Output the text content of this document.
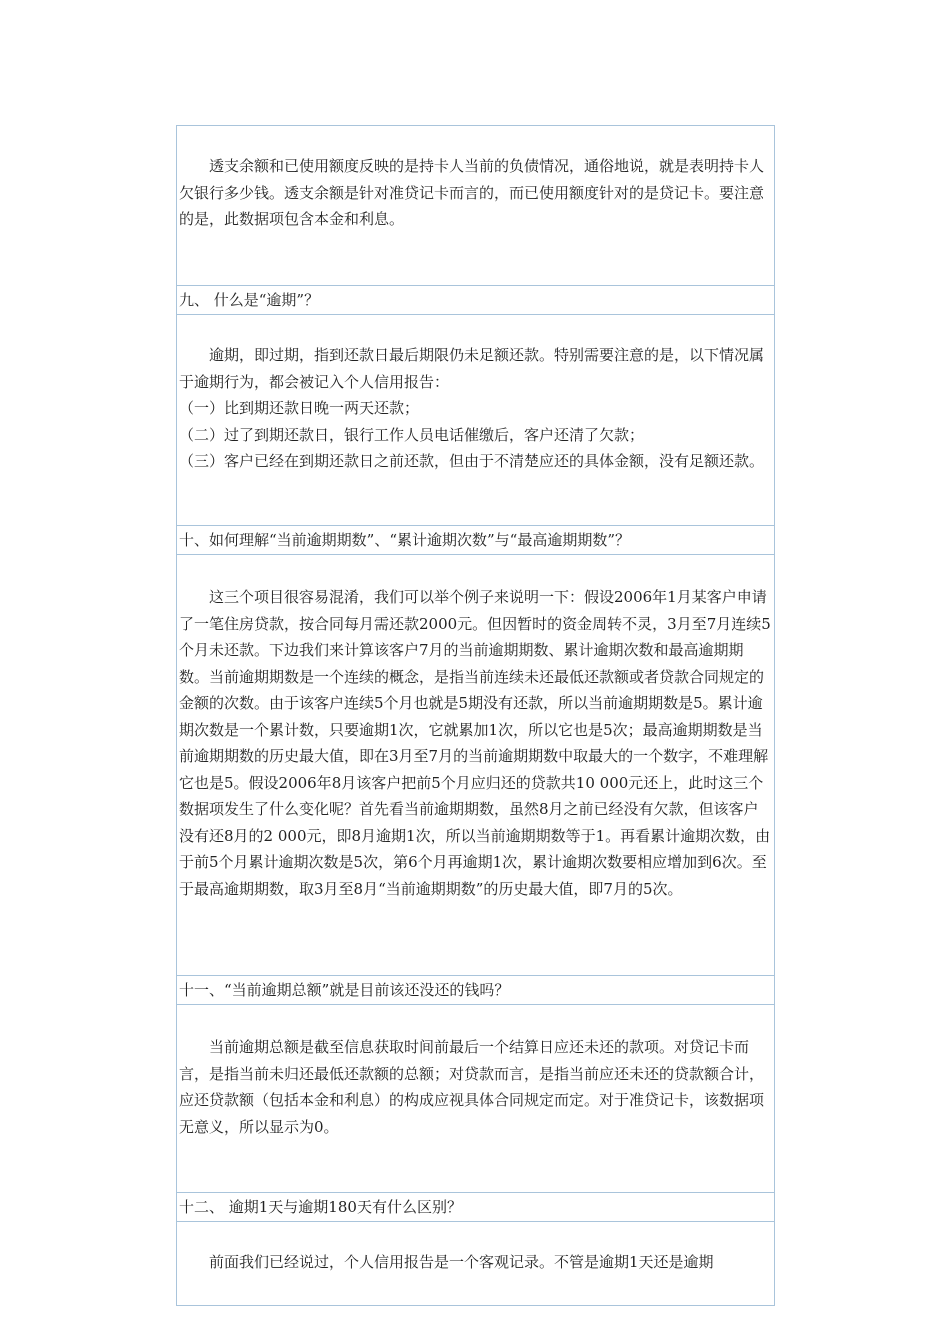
透支余额和已使用额度反映的是持卡人当前的负债情况，通俗地说，就是表明持卡人欠银行多少钱。透支余额是针对准贷记卡而言的，而已使用额度针对的是贷记卡。要注意的是，此数据项包含本金和利息。

九、 什么是“逾期”？

逾期，即过期，指到还款日最后期限仍未足额还款。特别需要注意的是，以下情况属于逾期行为，都会被记入个人信用报告：

（一）比到期还款日晚一两天还款；

（二）过了到期还款日，银行工作人员电话催缴后，客户还清了欠款；

（三）客户已经在到期还款日之前还款，但由于不清楚应还的具体金额，没有足额还款。

十、如何理解“当前逾期期数”、“累计逾期次数”与“最高逾期期数”？

这三个项目很容易混淆，我们可以举个例子来说明一下：假设2006年1月某客户申请了一笔住房贷款，按合同每月需还款2000元。但因暂时的资金周转不灵，3月至7月连续5个月未还款。下边我们来计算该客户7月的当前逾期期数、累计逾期次数和最高逾期期数。当前逾期期数是一个连续的概念，是指当前连续未还最低还款额或者贷款合同规定的金额的次数。由于该客户连续5个月也就是5期没有还款，所以当前逾期期数是5。累计逾期次数是一个累计数，只要逾期1次，它就累加1次，所以它也是5次；最高逾期期数是当前逾期期数的历史最大值，即在3月至7月的当前逾期期数中取最大的一个数字，不难理解它也是5。假设2006年8月该客户把前5个月应归还的贷款共10 000元还上，此时这三个数据项发生了什么变化呢？首先看当前逾期期数，虽然8月之前已经没有欠款，但该客户没有还8月的2 000元，即8月逾期1次，所以当前逾期期数等于1。再看累计逾期次数，由于前5个月累计逾期次数是5次，第6个月再逾期1次，累计逾期次数要相应增加到6次。至于最高逾期期数，取3月至8月“当前逾期期数”的历史最大值，即7月的5次。

十一、“当前逾期总额”就是目前该还没还的钱吗？

当前逾期总额是截至信息获取时间前最后一个结算日应还未还的款项。对贷记卡而言，是指当前未归还最低还款额的总额；对贷款而言，是指当前应还未还的贷款额合计，应还贷款额（包括本金和利息）的构成应视具体合同规定而定。对于准贷记卡，该数据项无意义，所以显示为0。

十二、 逾期1天与逾期180天有什么区别？

前面我们已经说过，个人信用报告是一个客观记录。不管是逾期1天还是逾期
